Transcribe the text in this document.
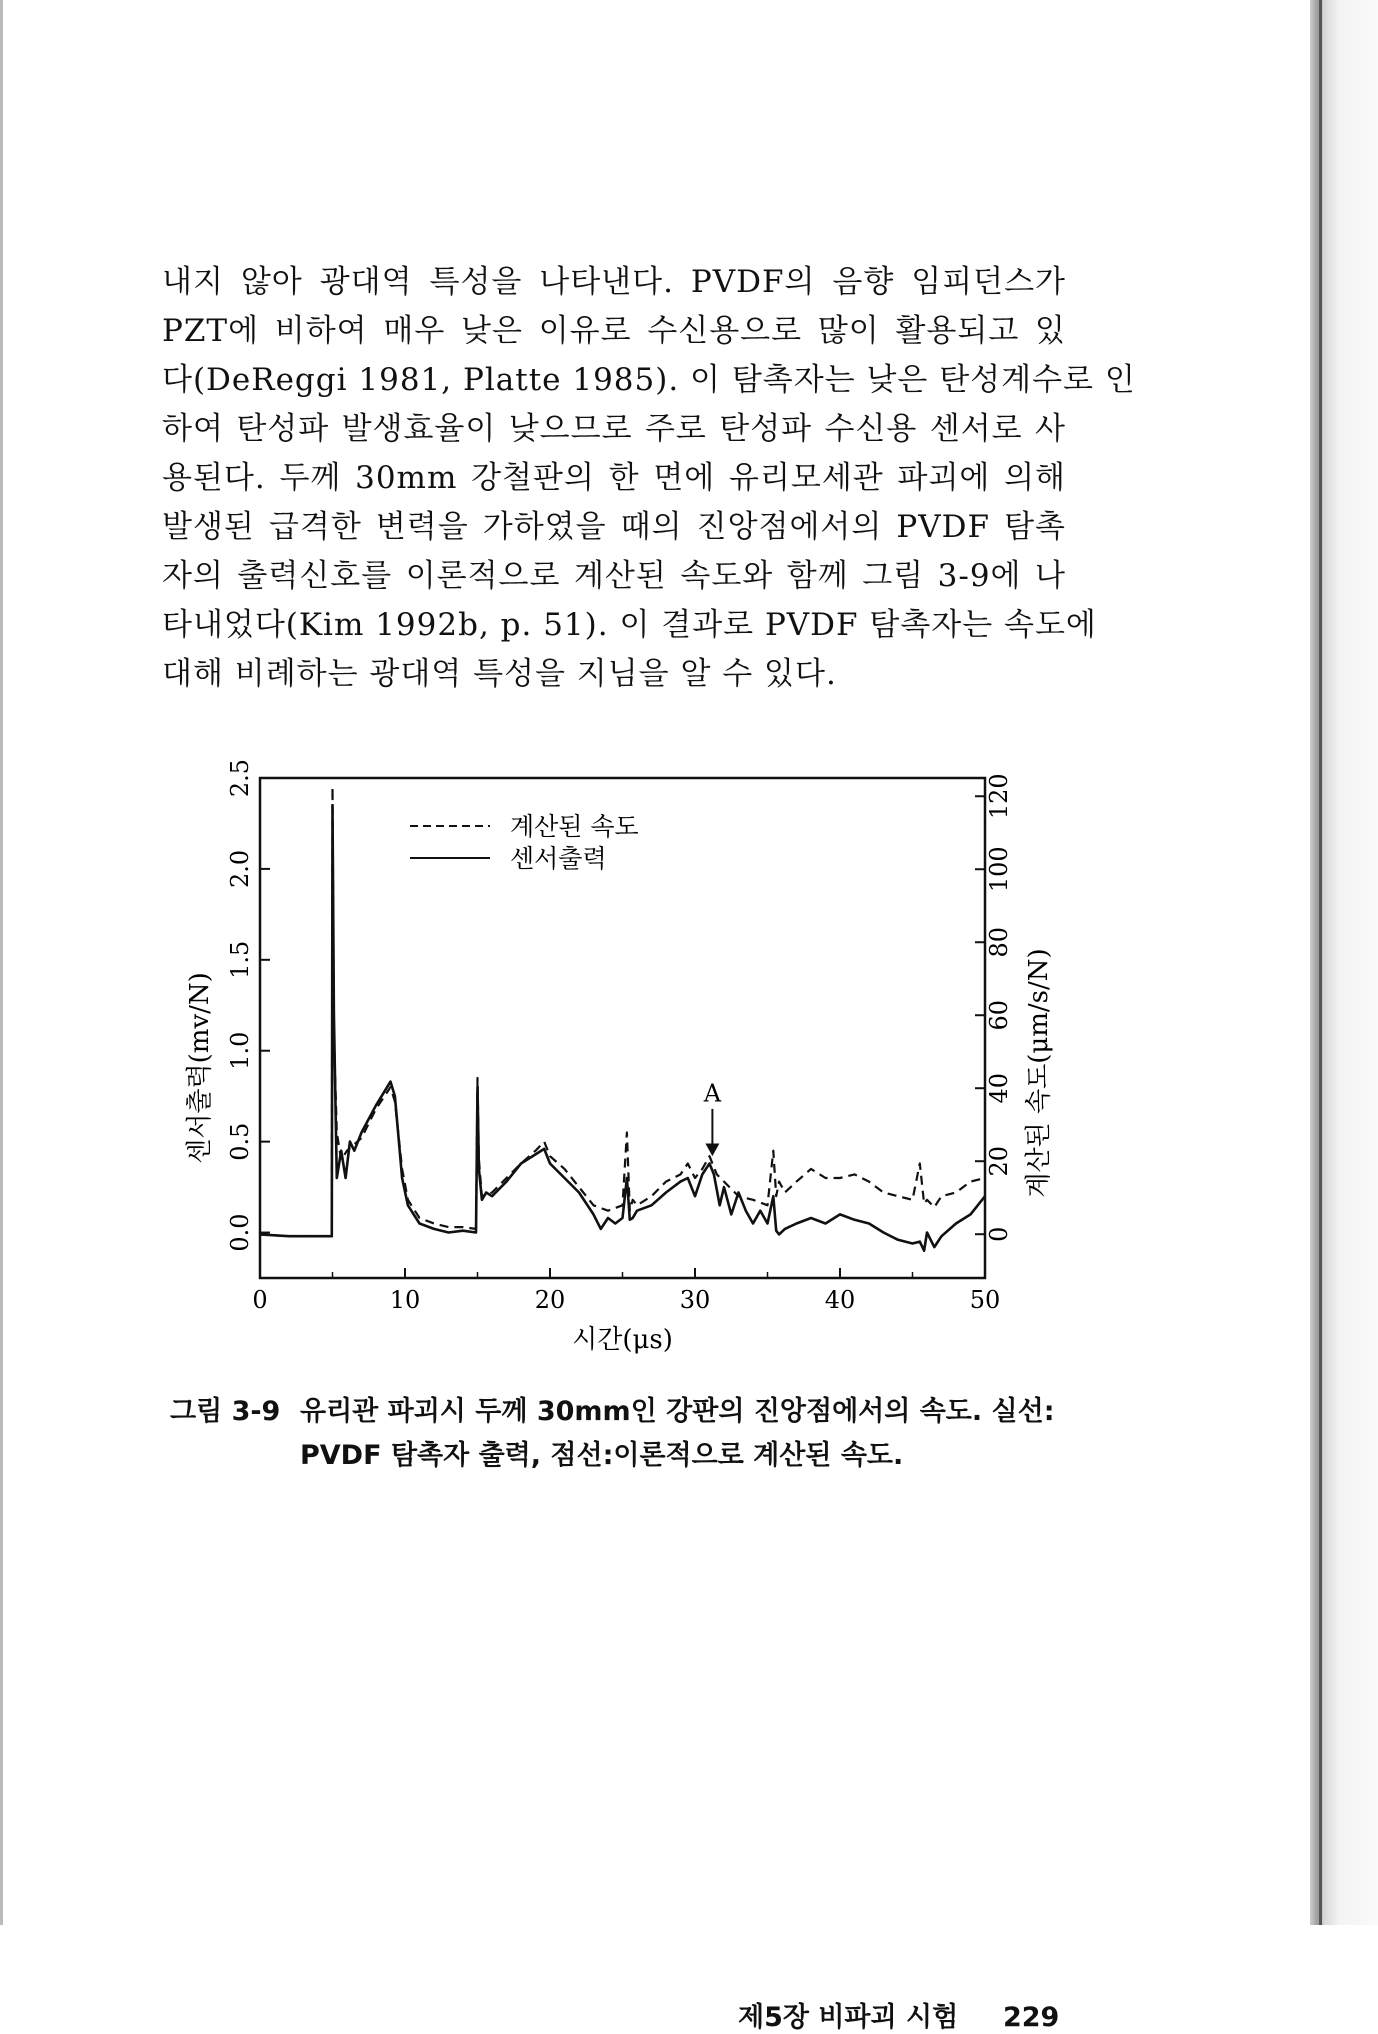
내지 않아 광대역 특성을 나타낸다. PVDF의 음향 임피던스가
PZT에 비하여 매우 낮은 이유로 수신용으로 많이 활용되고 있
다(DeReggi 1981, Platte 1985). 이 탐촉자는 낮은 탄성계수로 인
하여 탄성파 발생효율이 낮으므로 주로 탄성파 수신용 센서로 사
용된다. 두께 30mm 강철판의 한 면에 유리모세관 파괴에 의해
발생된 급격한 변력을 가하였을 때의 진앙점에서의 PVDF 탐촉
자의 출력신호를 이론적으로 계산된 속도와 함께 그림 3-9에 나
타내었다(Kim 1992b, p. 51). 이 결과로 PVDF 탐촉자는 속도에
대해 비례하는 광대역 특성을 지님을 알 수 있다.
0	10	20	30	40	50
0.0
0.5
1.0
1.5
2.0
2.5
0
20
40
60
80
100
120
시간(μs)
센서출력(mv/N)	계산된 속도(μm/s/N)
계산된 속도
센서출력
A
그림 3-9 유리관 파괴시 두께 30mm인 강판의 진앙점에서의 속도. 실선:
PVDF 탐촉자 출력, 점선:이론적으로 계산된 속도.
제5장 비파괴 시험 229
